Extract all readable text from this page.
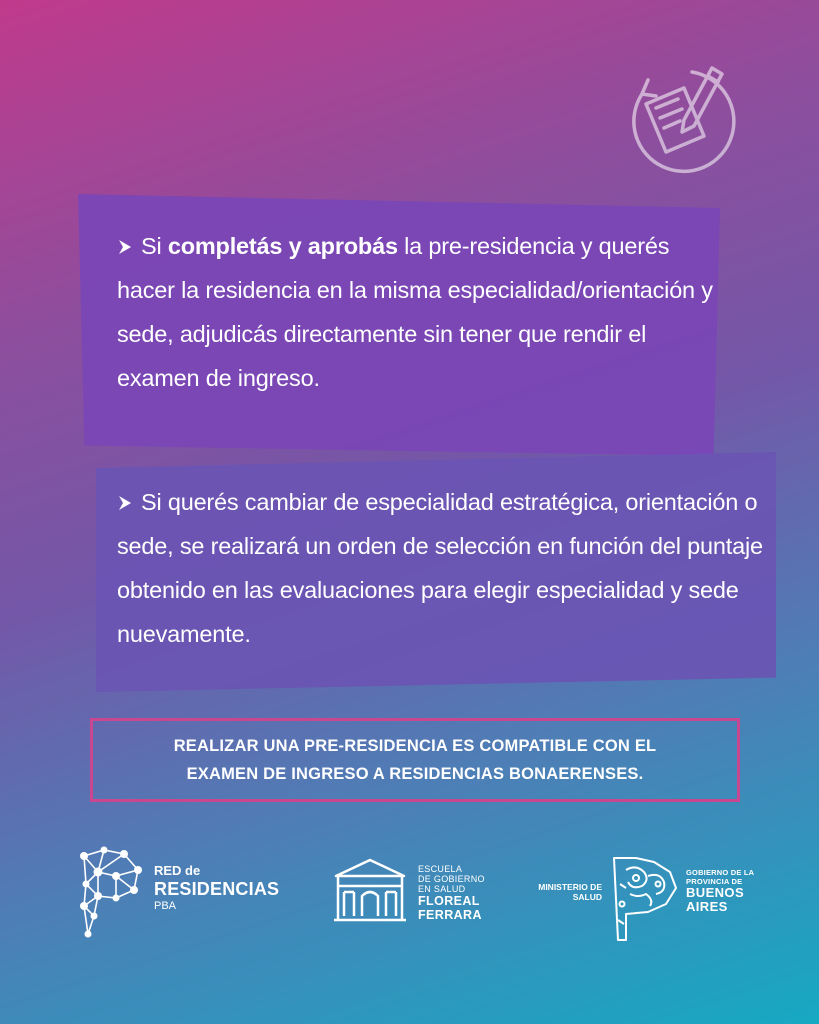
Si completás y aprobás la pre-residencia y querés hacer la residencia en la misma especialidad/orientación y sede, adjudicás directamente sin tener que rendir el examen de ingreso.

Si querés cambiar de especialidad estratégica, orientación o sede, se realizará un orden de selección en función del puntaje obtenido en las evaluaciones para elegir especialidad y sede nuevamente.

REALIZAR UNA PRE-RESIDENCIA ES COMPATIBLE CON EL
EXAMEN DE INGRESO A RESIDENCIAS BONAERENSES.
RED de
RESIDENCIAS
PBA
ESCUELA
DE GOBIERNO
EN SALUD
FLOREAL
FERRARA
MINISTERIO DE
SALUD
GOBIERNO DE LA
PROVINCIA DE
BUENOS
AIRES
